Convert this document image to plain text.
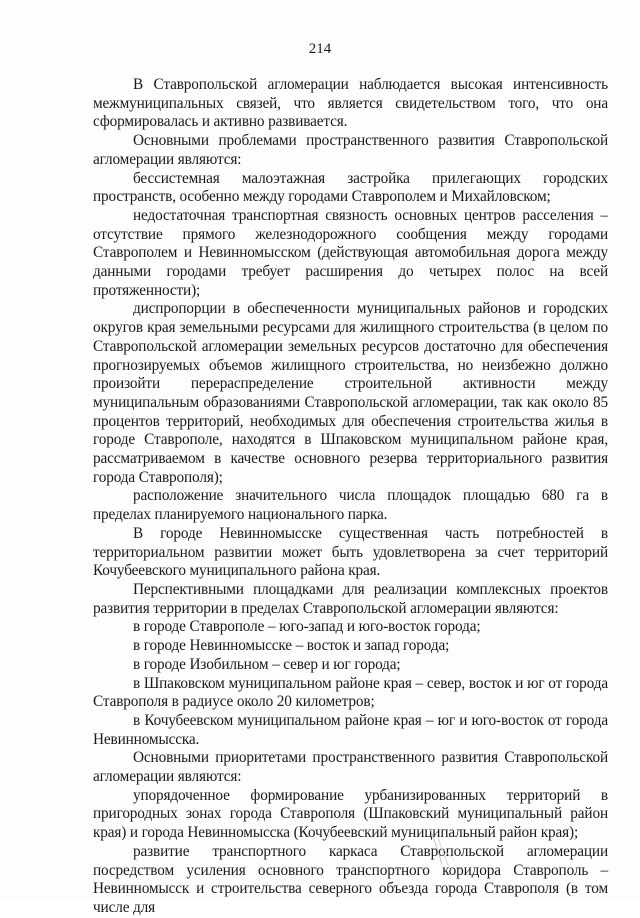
214

В Ставропольской агломерации наблюдается высокая интенсивность межмуниципальных связей, что является свидетельством того, что она сформировалась и активно развивается.

Основными проблемами пространственного развития Ставропольской агломерации являются:

бессистемная малоэтажная застройка прилегающих городских пространств, особенно между городами Ставрополем и Михайловском;

недостаточная транспортная связность основных центров расселения – отсутствие прямого железнодорожного сообщения между городами Ставрополем и Невинномысском (действующая автомобильная дорога между данными городами требует расширения до четырех полос на всей протяженности);

диспропорции в обеспеченности муниципальных районов и городских округов края земельными ресурсами для жилищного строительства (в целом по Ставропольской агломерации земельных ресурсов достаточно для обеспечения прогнозируемых объемов жилищного строительства, но неизбежно должно произойти перераспределение строительной активности между муниципальным образованиями Ставропольской агломерации, так как около 85 процентов территорий, необходимых для обеспечения строительства жилья в городе Ставрополе, находятся в Шпаковском муниципальном районе края, рассматриваемом в качестве основного резерва территориального развития города Ставрополя);

расположение значительного числа площадок площадью 680 га в пределах планируемого национального парка.

В городе Невинномысске существенная часть потребностей в территориальном развитии может быть удовлетворена за счет территорий Кочубеевского муниципального района края.

Перспективными площадками для реализации комплексных проектов развития территории в пределах Ставропольской агломерации являются:

в городе Ставрополе – юго-запад и юго-восток города;

в городе Невинномысске – восток и запад города;

в городе Изобильном – север и юг города;

в Шпаковском муниципальном районе края – север, восток и юг от города Ставрополя в радиусе около 20 километров;

в Кочубеевском муниципальном районе края – юг и юго-восток от города Невинномысска.

Основными приоритетами пространственного развития Ставропольской агломерации являются:

упорядоченное формирование урбанизированных территорий в пригородных зонах города Ставрополя (Шпаковский муниципальный район края) и города Невинномысска (Кочубеевский муниципальный район края);

развитие транспортного каркаса Ставропольской агломерации посредством усиления основного транспортного коридора Ставрополь – Невинномысск и строительства северного объезда города Ставрополя (в том числе для
